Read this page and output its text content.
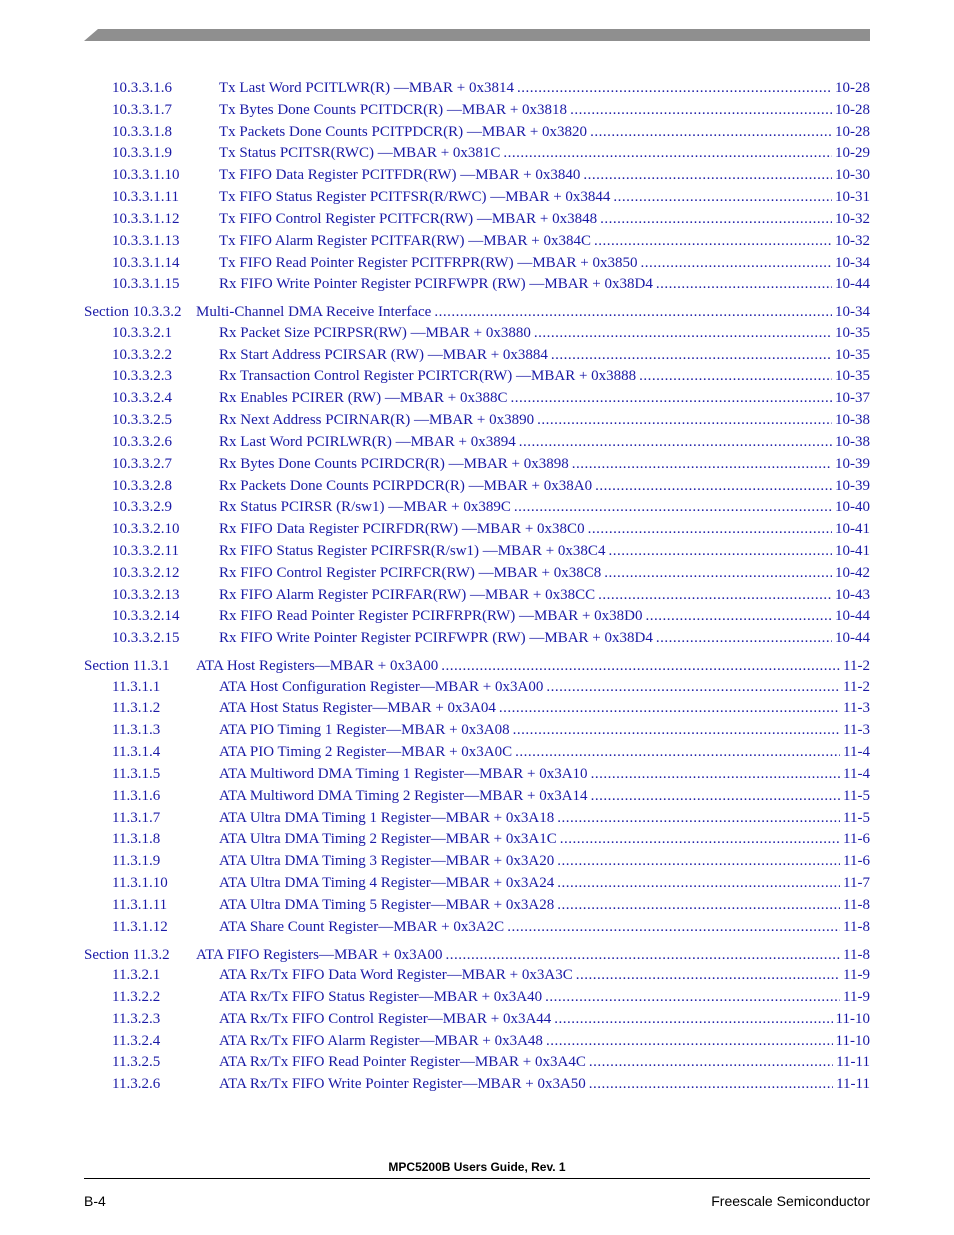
10.3.3.1.6	Tx Last Word PCITLWR(R) —MBAR + 0x3814 .....	10-28
10.3.3.1.7	Tx Bytes Done Counts PCITDCR(R) —MBAR + 0x3818 .....	10-28
10.3.3.1.8	Tx Packets Done Counts PCITPDCR(R) —MBAR + 0x3820 .....	10-28
10.3.3.1.9	Tx Status PCITSR(RWC) —MBAR + 0x381C .....	10-29
10.3.3.1.10	Tx FIFO Data Register PCITFDR(RW) —MBAR + 0x3840 .....	10-30
10.3.3.1.11	Tx FIFO Status Register PCITFSR(R/RWC) —MBAR + 0x3844 .....	10-31
10.3.3.1.12	Tx FIFO Control Register PCITFCR(RW) —MBAR + 0x3848 .....	10-32
10.3.3.1.13	Tx FIFO Alarm Register PCITFAR(RW) —MBAR + 0x384C .....	10-32
10.3.3.1.14	Tx FIFO Read Pointer Register PCITFRPR(RW) —MBAR + 0x3850 .....	10-34
10.3.3.1.15	Rx FIFO Write Pointer Register PCIRFWPR (RW) —MBAR + 0x38D4 .....	10-44
Section 10.3.3.2 Multi-Channel DMA Receive Interface .....	10-34
10.3.3.2.1	Rx Packet Size PCIRPSR(RW) —MBAR + 0x3880 .....	10-35
10.3.3.2.2	Rx Start Address PCIRSAR (RW) —MBAR + 0x3884 .....	10-35
10.3.3.2.3	Rx Transaction Control Register PCIRTCR(RW) —MBAR + 0x3888 .....	10-35
10.3.3.2.4	Rx Enables PCIRER (RW) —MBAR + 0x388C .....	10-37
10.3.3.2.5	Rx Next Address PCIRNAR(R) —MBAR + 0x3890 .....	10-38
10.3.3.2.6	Rx Last Word PCIRLWR(R) —MBAR + 0x3894 .....	10-38
10.3.3.2.7	Rx Bytes Done Counts PCIRDCR(R) —MBAR + 0x3898 .....	10-39
10.3.3.2.8	Rx Packets Done Counts PCIRPDCR(R) —MBAR + 0x38A0 .....	10-39
10.3.3.2.9	Rx Status PCIRSR (R/sw1) —MBAR + 0x389C .....	10-40
10.3.3.2.10	Rx FIFO Data Register PCIRFDR(RW) —MBAR + 0x38C0 .....	10-41
10.3.3.2.11	Rx FIFO Status Register PCIRFSR(R/sw1) —MBAR + 0x38C4 .....	10-41
10.3.3.2.12	Rx FIFO Control Register PCIRFCR(RW) —MBAR + 0x38C8 .....	10-42
10.3.3.2.13	Rx FIFO Alarm Register PCIRFAR(RW) —MBAR + 0x38CC .....	10-43
10.3.3.2.14	Rx FIFO Read Pointer Register PCIRFRPR(RW) —MBAR + 0x38D0 .....	10-44
10.3.3.2.15	Rx FIFO Write Pointer Register PCIRFWPR (RW) —MBAR + 0x38D4 .....	10-44
Section 11.3.1 ATA Host Registers—MBAR + 0x3A00 .....	11-2
11.3.1.1	ATA Host Configuration Register—MBAR + 0x3A00 .....	11-2
11.3.1.2	ATA Host Status Register—MBAR + 0x3A04 .....	11-3
11.3.1.3	ATA PIO Timing 1 Register—MBAR + 0x3A08 .....	11-3
11.3.1.4	ATA PIO Timing 2 Register—MBAR + 0x3A0C .....	11-4
11.3.1.5	ATA Multiword DMA Timing 1 Register—MBAR + 0x3A10 .....	11-4
11.3.1.6	ATA Multiword DMA Timing 2 Register—MBAR + 0x3A14 .....	11-5
11.3.1.7	ATA Ultra DMA Timing 1 Register—MBAR + 0x3A18 .....	11-5
11.3.1.8	ATA Ultra DMA Timing 2 Register—MBAR + 0x3A1C .....	11-6
11.3.1.9	ATA Ultra DMA Timing 3 Register—MBAR + 0x3A20 .....	11-6
11.3.1.10	ATA Ultra DMA Timing 4 Register—MBAR + 0x3A24 .....	11-7
11.3.1.11	ATA Ultra DMA Timing 5 Register—MBAR + 0x3A28 .....	11-8
11.3.1.12	ATA Share Count Register—MBAR + 0x3A2C .....	11-8
Section 11.3.2 ATA FIFO Registers—MBAR + 0x3A00 .....	11-8
11.3.2.1	ATA Rx/Tx FIFO Data Word Register—MBAR + 0x3A3C .....	11-9
11.3.2.2	ATA Rx/Tx FIFO Status Register—MBAR + 0x3A40 .....	11-9
11.3.2.3	ATA Rx/Tx FIFO Control Register—MBAR + 0x3A44 .....	11-10
11.3.2.4	ATA Rx/Tx FIFO Alarm Register—MBAR + 0x3A48 .....	11-10
11.3.2.5	ATA Rx/Tx FIFO Read Pointer Register—MBAR + 0x3A4C .....	11-11
11.3.2.6	ATA Rx/Tx FIFO Write Pointer Register—MBAR + 0x3A50 .....	11-11
MPC5200B Users Guide, Rev. 1
B-4	Freescale Semiconductor
